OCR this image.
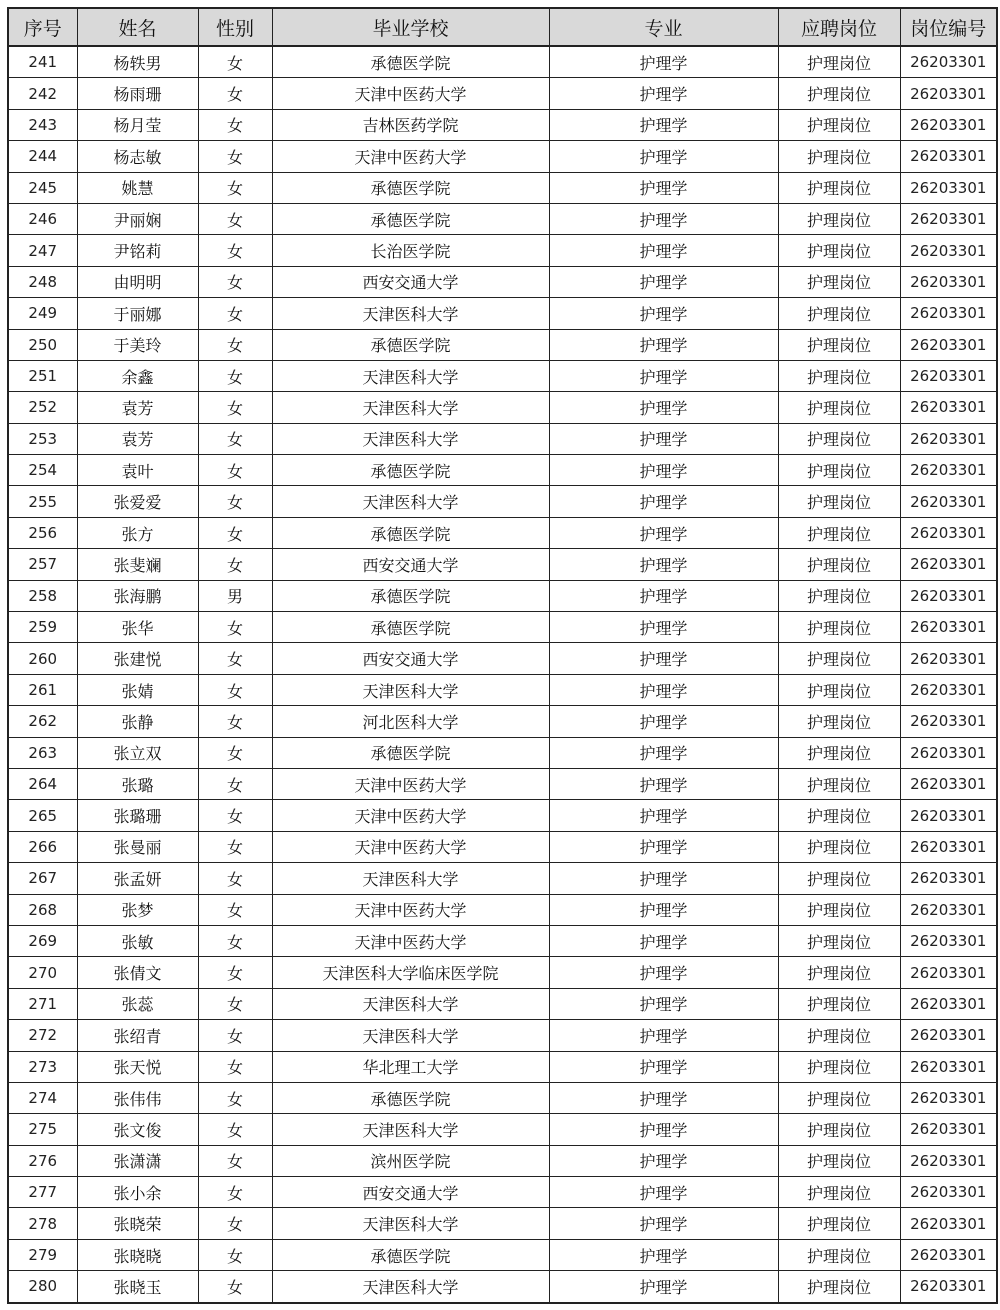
序号	姓名	性别	毕业学校	专业	应聘岗位	岗位编号
241	杨轶男	女	承德医学院	护理学	护理岗位	26203301
242	杨雨珊	女	天津中医药大学	护理学	护理岗位	26203301
243	杨月莹	女	吉林医药学院	护理学	护理岗位	26203301
244	杨志敏	女	天津中医药大学	护理学	护理岗位	26203301
245	姚慧	女	承德医学院	护理学	护理岗位	26203301
246	尹丽娴	女	承德医学院	护理学	护理岗位	26203301
247	尹铭莉	女	长治医学院	护理学	护理岗位	26203301
248	由明明	女	西安交通大学	护理学	护理岗位	26203301
249	于丽娜	女	天津医科大学	护理学	护理岗位	26203301
250	于美玲	女	承德医学院	护理学	护理岗位	26203301
251	余鑫	女	天津医科大学	护理学	护理岗位	26203301
252	袁芳	女	天津医科大学	护理学	护理岗位	26203301
253	袁芳	女	天津医科大学	护理学	护理岗位	26203301
254	袁叶	女	承德医学院	护理学	护理岗位	26203301
255	张爱爱	女	天津医科大学	护理学	护理岗位	26203301
256	张方	女	承德医学院	护理学	护理岗位	26203301
257	张斐斓	女	西安交通大学	护理学	护理岗位	26203301
258	张海鹏	男	承德医学院	护理学	护理岗位	26203301
259	张华	女	承德医学院	护理学	护理岗位	26203301
260	张建悦	女	西安交通大学	护理学	护理岗位	26203301
261	张婧	女	天津医科大学	护理学	护理岗位	26203301
262	张静	女	河北医科大学	护理学	护理岗位	26203301
263	张立双	女	承德医学院	护理学	护理岗位	26203301
264	张璐	女	天津中医药大学	护理学	护理岗位	26203301
265	张璐珊	女	天津中医药大学	护理学	护理岗位	26203301
266	张曼丽	女	天津中医药大学	护理学	护理岗位	26203301
267	张孟妍	女	天津医科大学	护理学	护理岗位	26203301
268	张梦	女	天津中医药大学	护理学	护理岗位	26203301
269	张敏	女	天津中医药大学	护理学	护理岗位	26203301
270	张倩文	女	天津医科大学临床医学院	护理学	护理岗位	26203301
271	张蕊	女	天津医科大学	护理学	护理岗位	26203301
272	张绍青	女	天津医科大学	护理学	护理岗位	26203301
273	张天悦	女	华北理工大学	护理学	护理岗位	26203301
274	张伟伟	女	承德医学院	护理学	护理岗位	26203301
275	张文俊	女	天津医科大学	护理学	护理岗位	26203301
276	张潇潇	女	滨州医学院	护理学	护理岗位	26203301
277	张小余	女	西安交通大学	护理学	护理岗位	26203301
278	张晓荣	女	天津医科大学	护理学	护理岗位	26203301
279	张晓晓	女	承德医学院	护理学	护理岗位	26203301
280	张晓玉	女	天津医科大学	护理学	护理岗位	26203301
